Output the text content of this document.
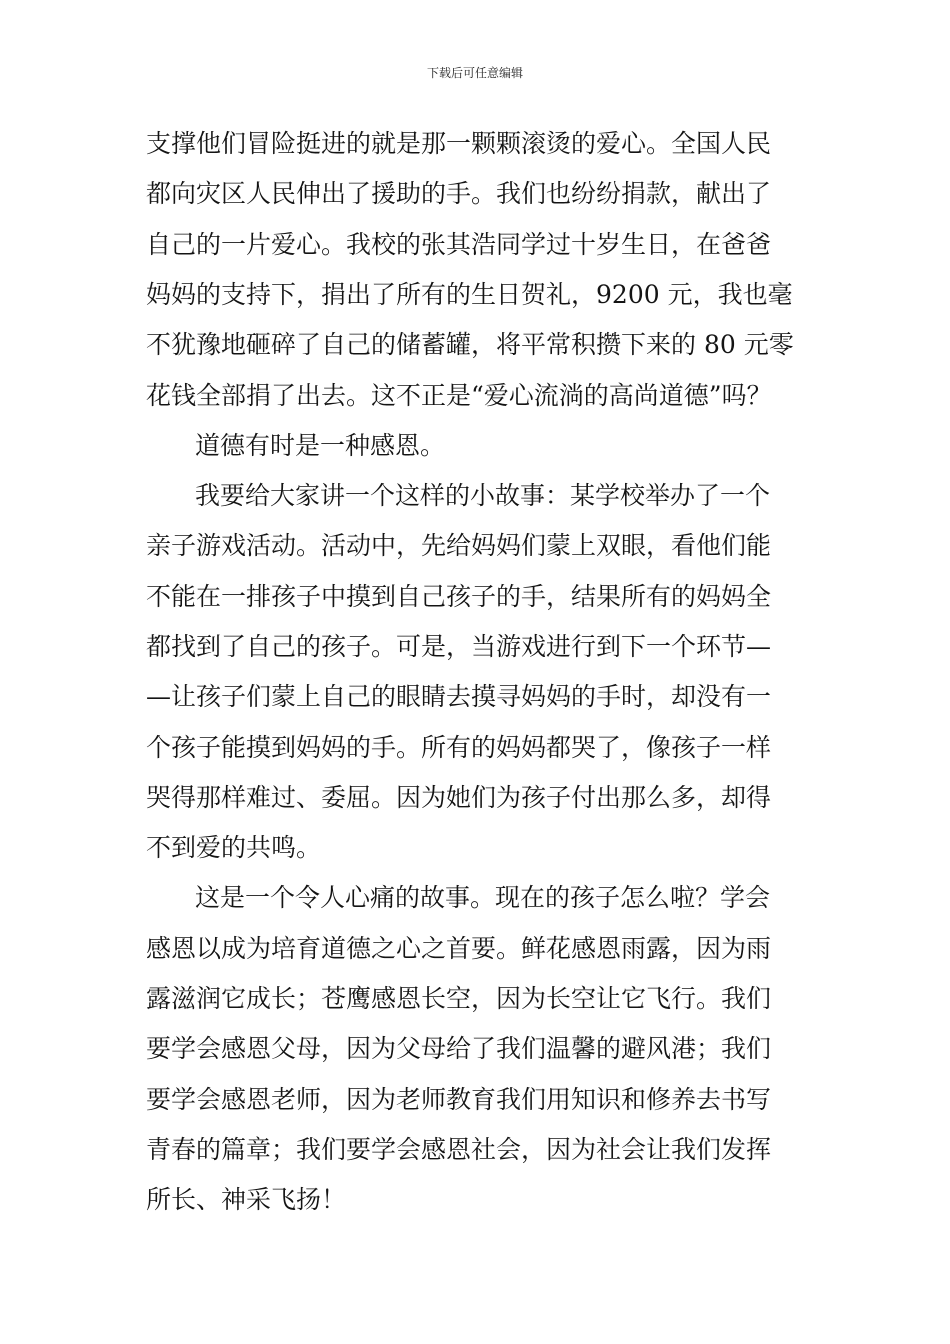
下载后可任意编辑
支撑他们冒险挺进的就是那一颗颗滚烫的爱心。全国人民
都向灾区人民伸出了援助的手。我们也纷纷捐款，献出了
自己的一片爱心。我校的张其浩同学过十岁生日，在爸爸
妈妈的支持下，捐出了所有的生日贺礼，9200 元，我也毫
不犹豫地砸碎了自己的储蓄罐，将平常积攒下来的 80 元零
花钱全部捐了出去。这不正是“爱心流淌的高尚道德”吗？
道德有时是一种感恩。
我要给大家讲一个这样的小故事：某学校举办了一个
亲子游戏活动。活动中，先给妈妈们蒙上双眼，看他们能
不能在一排孩子中摸到自己孩子的手，结果所有的妈妈全
都找到了自己的孩子。可是，当游戏进行到下一个环节—
—让孩子们蒙上自己的眼睛去摸寻妈妈的手时，却没有一
个孩子能摸到妈妈的手。所有的妈妈都哭了，像孩子一样
哭得那样难过、委屈。因为她们为孩子付出那么多，却得
不到爱的共鸣。
这是一个令人心痛的故事。现在的孩子怎么啦？学会
感恩以成为培育道德之心之首要。鲜花感恩雨露，因为雨
露滋润它成长；苍鹰感恩长空，因为长空让它飞行。我们
要学会感恩父母，因为父母给了我们温馨的避风港；我们
要学会感恩老师，因为老师教育我们用知识和修养去书写
青春的篇章；我们要学会感恩社会，因为社会让我们发挥
所长、神采飞扬！
